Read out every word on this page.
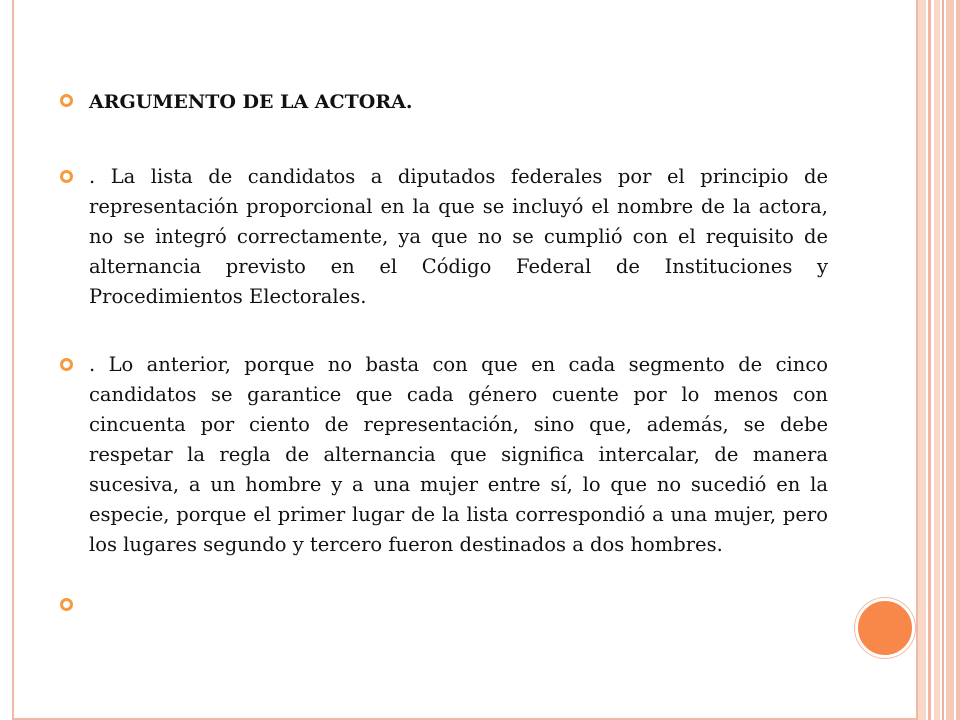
ARGUMENTO DE LA ACTORA.
. La lista de candidatos a diputados federales por el principio de representación proporcional en la que se incluyó el nombre de la actora, no se integró correctamente, ya que no se cumplió con el requisito de alternancia previsto en el Código Federal de Instituciones y Procedimientos Electorales.
. Lo anterior, porque no basta con que en cada segmento de cinco candidatos se garantice que cada género cuente por lo menos con cincuenta por ciento de representación, sino que, además, se debe respetar la regla de alternancia que significa intercalar, de manera sucesiva, a un hombre y a una mujer entre sí, lo que no sucedió en la especie, porque el primer lugar de la lista correspondió a una mujer, pero los lugares segundo y tercero fueron destinados a dos hombres.
